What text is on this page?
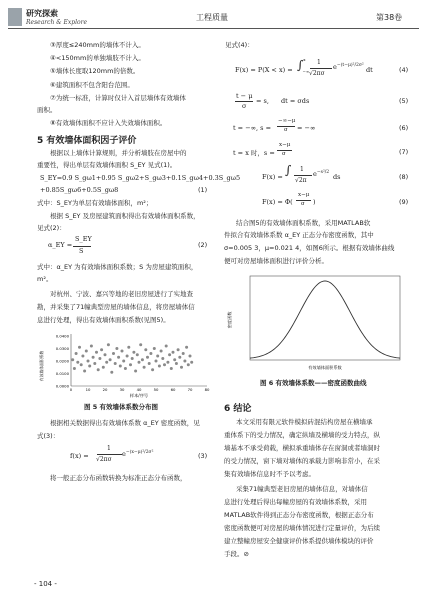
研究探索
Research & Explore
工程质量	第38卷
③厚度≤240mm的墙体不计入。
④<150mm的单独墙肢不计入。
⑤墙体长度取120mm的倍数。
⑥建筑面积不包含阳台范围。
⑦为统一标准，计算时仅计入首层墙体有效墙体
面积。
⑧有效墙体面积不应计入失效墙体面积。
5 有效墙体面积因子评价
根据以上墙体计算规则，并分析墙肢在房屋中的
重要性，得出单层有效墙体面积 S_EY 见式(1)。
S_EY=0.9 S_gω1+0.95 S_gω2+S_gω3+0.1S_gω4+0.3S_gω5
+0.85S_gω6+0.5S_gω8	(1)
式中：S_EY为单层有效墙体面积，m²；
根据 S_EY 及房屋建筑面积得出有效墙体面积系数，
见式(2)：
α_EY =
S_EY
S
(2)
式中：α_EY 为有效墙体面积系数；S 为房屋建筑面积，
m²。
对杭州、宁波、嘉兴等地的老旧房屋进行了实地查
勘，并采集了71幢典型房屋的墙体信息，将房屋墙体信
息进行处理，得出有效墙体面积系数(见图5)。
有效墙体面积系数
0.0400
0.0300
0.0200
0.0100
0.0000
0	10	20	30	40	50	60	70	80
样本/序号
图 5 有效墙体系数分布图
根据相关数据得出有效墙体系数 α_EY 密度函数，见
式(3)：
f(x) =
1
√2πσ
$e^{-(x-\mu)^2/2\sigma^2}$	(3)
将一般正态分布函数转换为标准正态分布函数，
见式(4)：
F(x) = P(X < x) = ∫$^x_{-\infty}$
1
√2πσ
$e^{-(t-\mu)^2/2\sigma^2}$
dt	(4)
t − μ
σ
= s, dt = σds	(5)
t = −∞, s =
−∞−μ
σ = −∞	(6)
t = x 时，s =
x−μ
σ	(7)
F(x) = ∫ 1
√2π
$e^{-s^2/2}$
ds	(8)
F(x) = Φ(
x−μ
σ )	(9)
结合图5的有效墙体面积系数，采用MATLAB软
件拟合有效墙体系数 α_EY 正态分布密度函数，其中
σ=0.005 3，μ=0.021 4，如图6所示。根据有效墙体曲线
便可对房屋墙体面积进行评价分析。
密度函数
有效墙体面积系数
图 6 有效墙体系数——密度函数曲线
6 结论
本文采用有限元软件模拟砖混结构房屋在横墙承
重体系下的受力情况，确定纵墙及横墙的受力特点，纵
墙基本不承受荷载，横拟承重墙体存在窗洞或者墙洞时
的受力情况，窗下墙对墙体的承载力影响非常小，在采
集有效墙体信息时不予以考虑。
采集71幢典型老旧房屋的墙体信息，对墙体信
息进行处理后得出每幢房屋的有效墙体系数，采用
MATLAB软件得到正态分布密度函数，根据正态分布
密度函数便可对房屋的墙体情况进行定量评价，为后续
建立整幢房屋安全健康评价体系提供墙体模块的评价
手段。⊘
- 104 -
